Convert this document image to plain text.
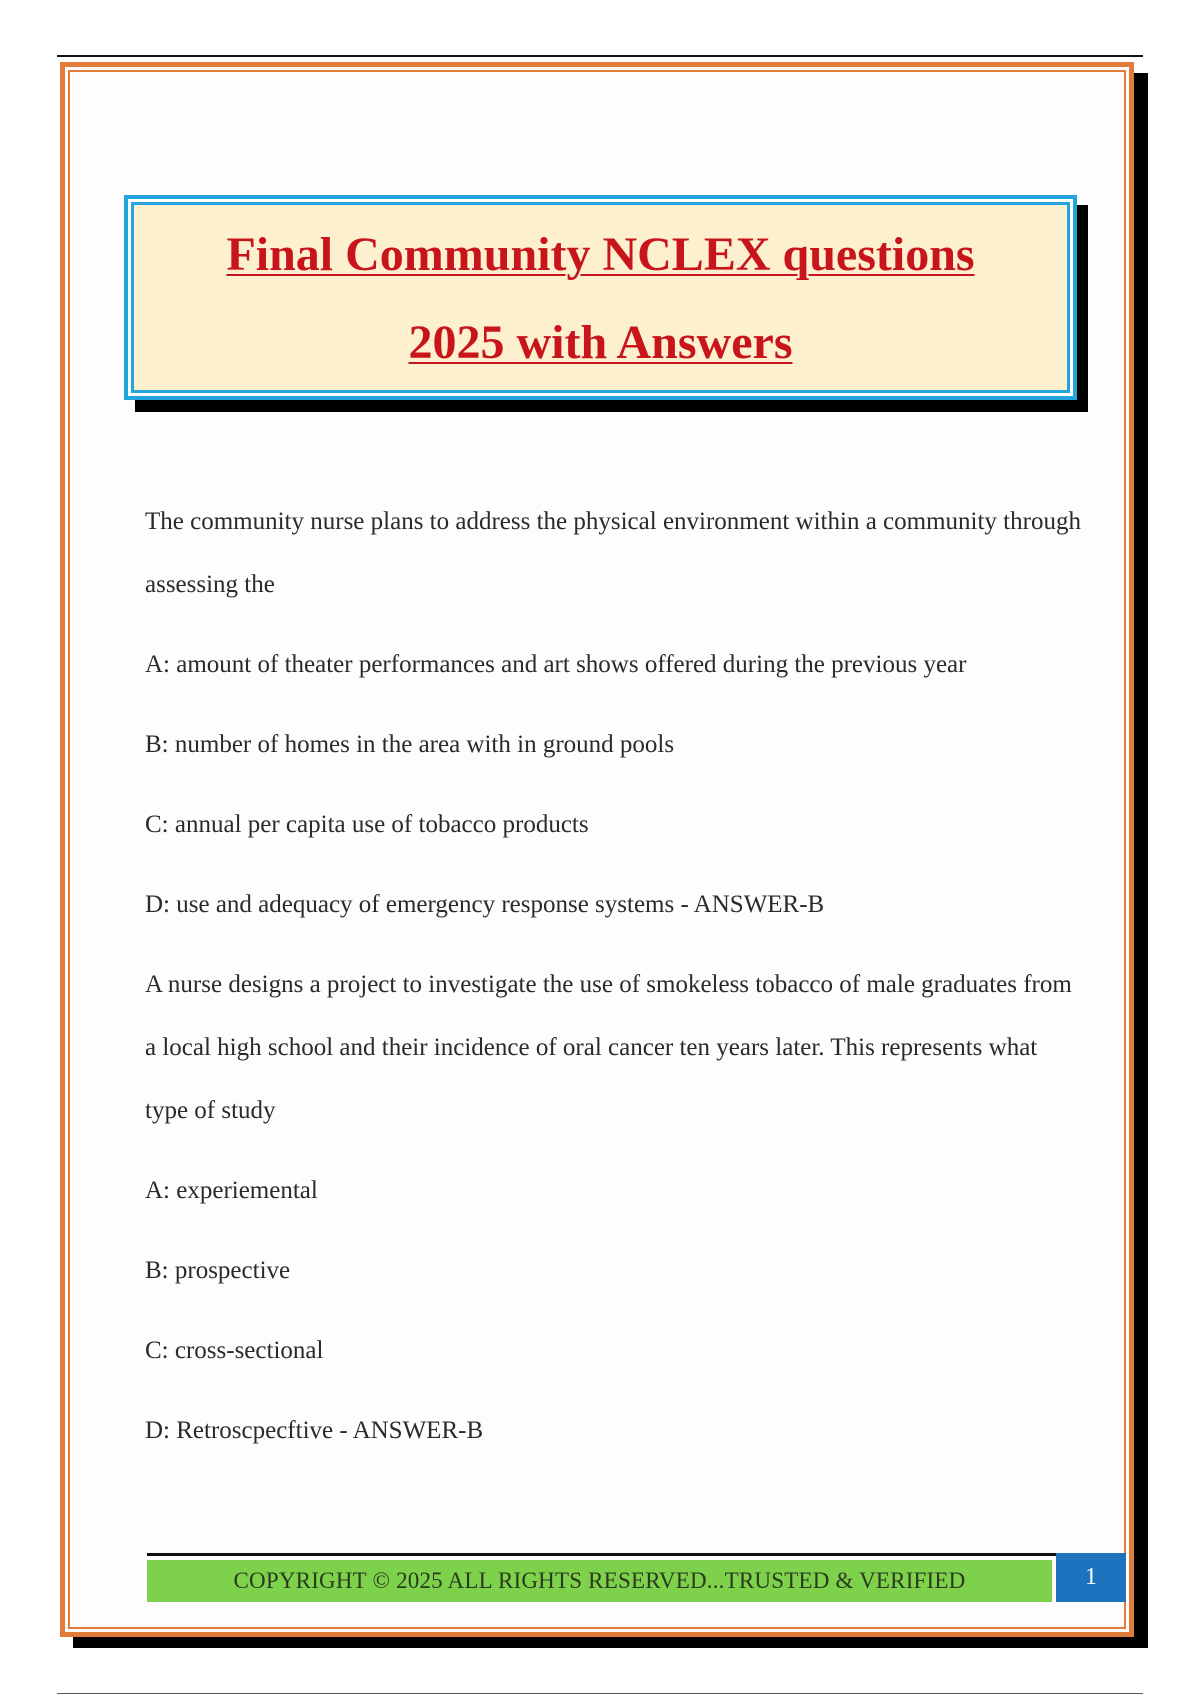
Final Community NCLEX questions

2025 with Answers

The community nurse plans to address the physical environment within a community through assessing the

A: amount of theater performances and art shows offered during the previous year

B: number of homes in the area with in ground pools

C: annual per capita use of tobacco products

D: use and adequacy of emergency response systems - ANSWER-B

A nurse designs a project to investigate the use of smokeless tobacco of male graduates from a local high school and their incidence of oral cancer ten years later. This represents what type of study

A: experiemental

B: prospective

C: cross-sectional

D: Retroscpecftive - ANSWER-B

COPYRIGHT © 2025 ALL RIGHTS RESERVED...TRUSTED & VERIFIED	1
